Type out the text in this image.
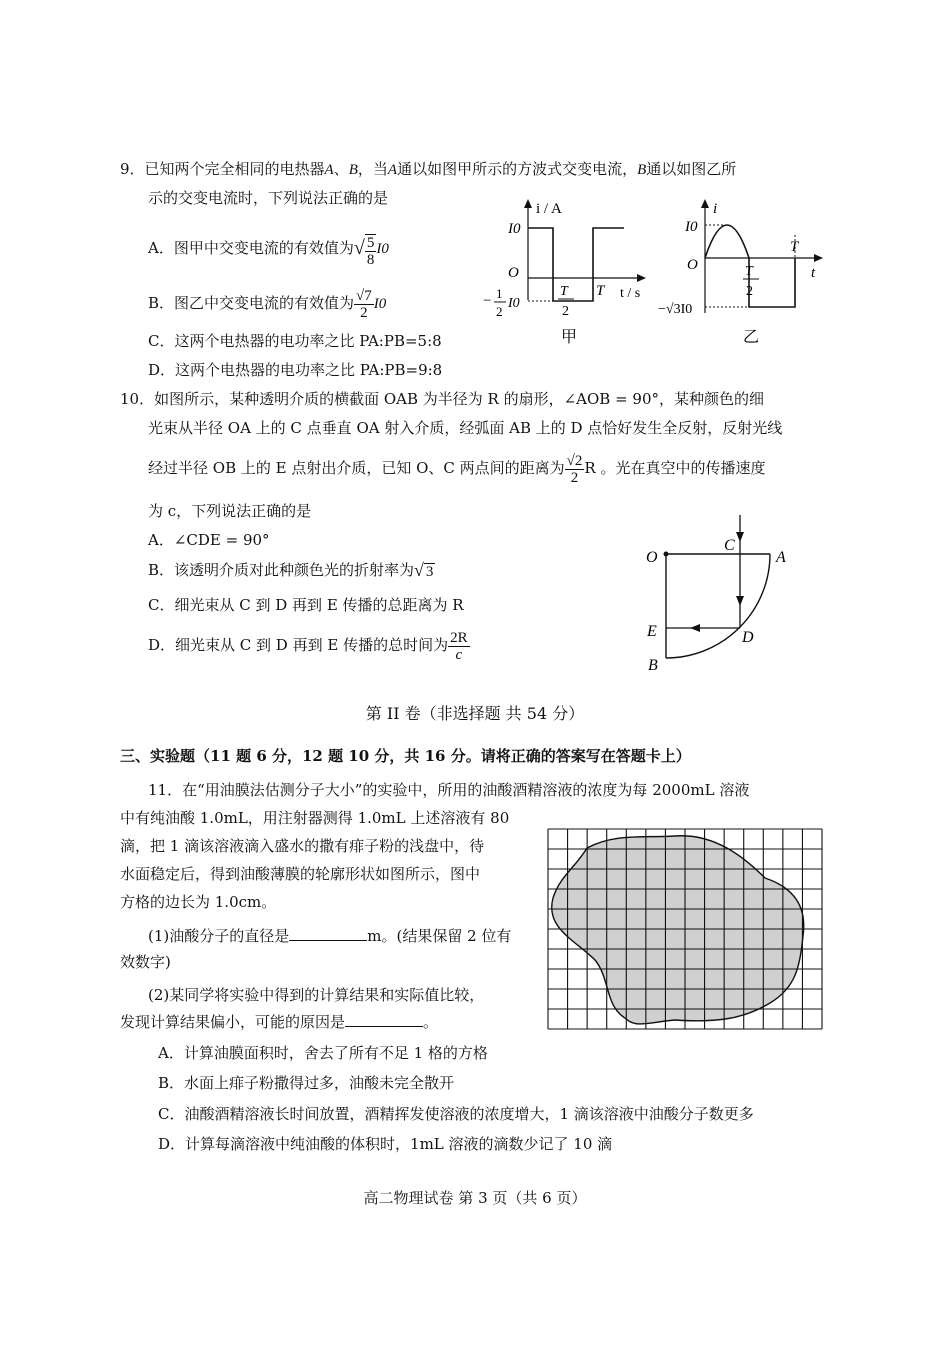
9．已知两个完全相同的电热器A、B，当A通以如图甲所示的方波式交变电流，B通以如图乙所
示的交变电流时，下列说法正确的是
A．图甲中交变电流的有效值为√ $\frac{5}{8} I0$
B．图乙中交变电流的有效值为 $\frac{√7}{2} I0$
C．这两个电热器的电功率之比 PA:PB=5:8
D．这两个电热器的电功率之比 PA:PB=9:8
i / A
I0
O
− 1
2
I0
T
2
T t / s
甲
i
I0
O
T
T
2
t
−√3I0
乙
10．如图所示，某种透明介质的横截面 OAB 为半径为 R 的扇形，∠AOB = 90°，某种颜色的细
光束从半径 OA 上的 C 点垂直 OA 射入介质，经弧面 AB 上的 D 点恰好发生全反射，反射光线
经过半径 OB 上的 E 点射出介质，已知 O、C 两点间的距离为 $\frac{√2}{2}$ R 。光在真空中的传播速度
为 c，下列说法正确的是
A．∠CDE = 90°
B．该透明介质对此种颜色光的折射率为√ 3
C．细光束从 C 到 D 再到 E 传播的总距离为 R
D．细光束从 C 到 D 再到 E 传播的总时间为 $\frac{2R}{c}$
O
C
A
E	D
B
第 II 卷（非选择题 共 54 分）
三、实验题（11 题 6 分，12 题 10 分，共 16 分。请将正确的答案写在答题卡上）
11．在“用油膜法估测分子大小”的实验中，所用的油酸酒精溶液的浓度为每 2000mL 溶液
中有纯油酸 1.0mL，用注射器测得 1.0mL 上述溶液有 80
滴，把 1 滴该溶液滴入盛水的撒有痱子粉的浅盘中，待
水面稳定后，得到油酸薄膜的轮廓形状如图所示，图中
方格的边长为 1.0cm。
(1)油酸分子的直径是	m。(结果保留 2 位有
效数字)
(2)某同学将实验中得到的计算结果和实际值比较，
发现计算结果偏小，可能的原因是	。
A．计算油膜面积时，舍去了所有不足 1 格的方格
B．水面上痱子粉撒得过多，油酸未完全散开
C．油酸酒精溶液长时间放置，酒精挥发使溶液的浓度增大，1 滴该溶液中油酸分子数更多
D．计算每滴溶液中纯油酸的体积时，1mL 溶液的滴数少记了 10 滴
高二物理试卷 第 3 页（共 6 页）
